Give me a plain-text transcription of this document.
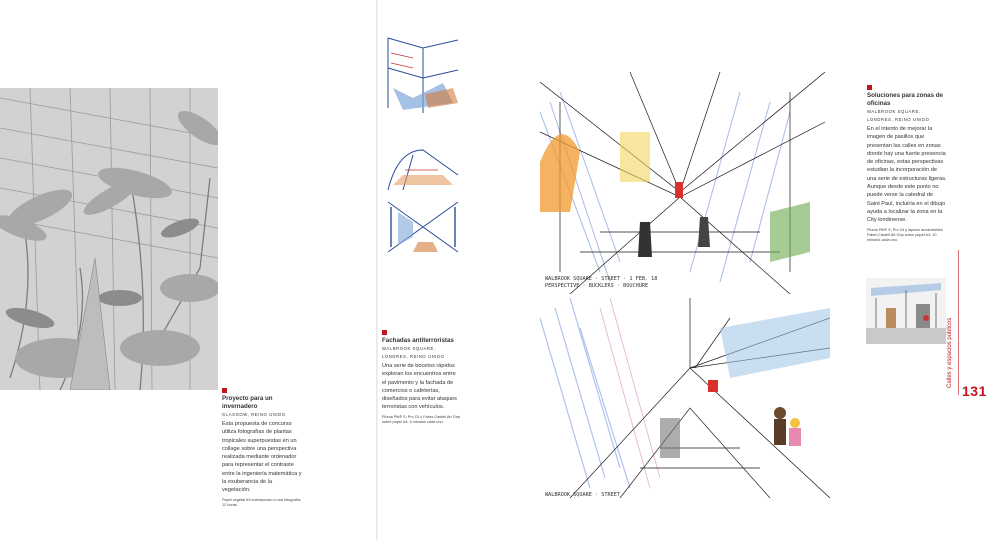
Proyecto para un invernadero
GLASGOW, REINO UNIDO
Esta propuesta de concurso utiliza fotografías de plantas tropicales superpuestas en un collage sobre una perspectiva realizada mediante ordenador para representar el contraste entre la ingeniería matemática y la exuberancia de la vegetación.
Papel vegetal A3 sobrepuesto a una fotografía; 12 horas.
Fachadas antiterroristas
WALBROOK SQUARE, LONDRES, REINO UNIDO
Una serie de bocetos rápidos exploran los encuentros entre el pavimento y la fachada de comercios o cafeterías, diseñados para evitar ataques terroristas con vehículos.
Pluma Pitt® S; Pro Cil y Faber-Castell Art Grip sobre papel A4; 4 minutos cada uno.
WALBROOK SQUARE · STREET · 1 FEB. 18
PERSPECTIVE · BUCKLERS · BOUCHURE
WALBROOK SQUARE · STREET
Soluciones para zonas de oficinas
WALBROOK SQUARE, LONDRES, REINO UNIDO
En el intento de mejorar la imagen de pasillos que presentan las calles en zonas donde hay una fuerte presencia de oficinas, estas perspectivas estudian la incorporación de una serie de estructuras ligeras. Aunque desde este punto no puede verse la catedral de Saint Paul, incluiría en el dibujo ayuda a localizar la zona en la City londinense.
Pluma Pitt® S; Pro Cil y lápices acuarelables Faber-Castell Art Grip sobre papel A4; 10 minutos cada uno.
Calles y espacios públicos
131
